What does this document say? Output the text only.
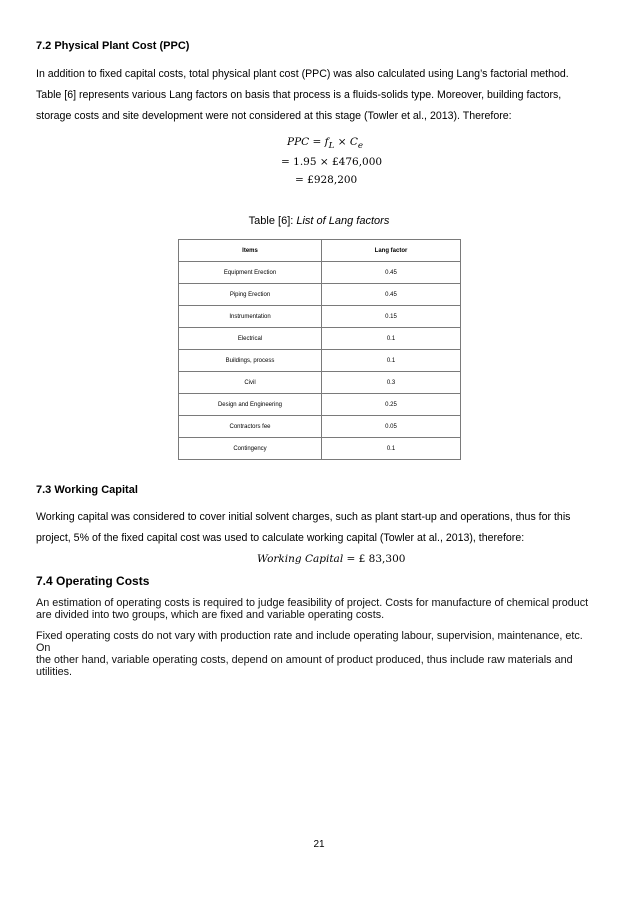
7.2 Physical Plant Cost (PPC)
In addition to fixed capital costs, total physical plant cost (PPC) was also calculated using Lang’s factorial method.
Table [6] represents various Lang factors on basis that process is a fluids-solids type. Moreover, building factors,
storage costs and site development were not considered at this stage (Towler et al., 2013). Therefore:
PPC = $f_L \times C_e$
= 1.95 × £476,000
= £928,200
Table [6]: List of Lang factors
Items	Lang factor
Equipment Erection	0.45
Piping Erection	0.45
Instrumentation	0.15
Electrical	0.1
Buildings, process	0.1
Civil	0.3
Design and Engineering	0.25
Contractors fee	0.05
Contingency	0.1
7.3 Working Capital
Working capital was considered to cover initial solvent charges, such as plant start-up and operations, thus for this
project, 5% of the fixed capital cost was used to calculate working capital (Towler at al., 2013), therefore:
Working Capital = £ 83,300
7.4 Operating Costs
An estimation of operating costs is required to judge feasibility of project. Costs for manufacture of chemical product
are divided into two groups, which are fixed and variable operating costs.
Fixed operating costs do not vary with production rate and include operating labour, supervision, maintenance, etc. On
the other hand, variable operating costs, depend on amount of product produced, thus include raw materials and
utilities.
21
